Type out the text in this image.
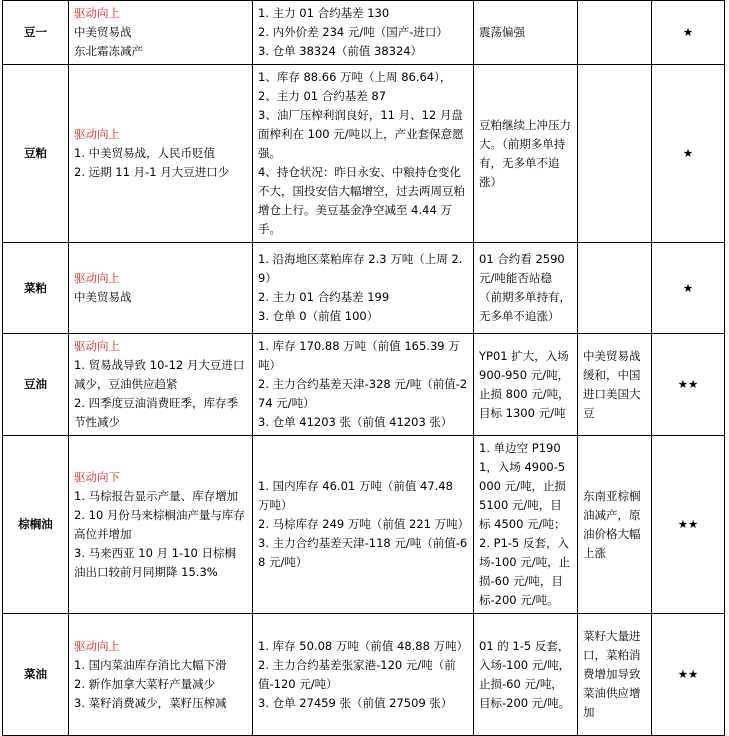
豆一	驱动向上
中美贸易战
东北霜冻减产	1. 主力 01 合约基差 130
2. 内外价差 234 元/吨（国产-进口）
3. 仓单 38324（前值 38324）	震荡偏强		★
豆粕	驱动向上
1. 中美贸易战，人民币贬值
2. 远期 11 月-1 月大豆进口少	1、库存 88.66 万吨（上周 86.64），
2、主力 01 合约基差 87
3、油厂压榨利润良好，11 月、12 月盘面榨利在 100 元/吨以上，产业套保意愿强。
4、持仓状况：昨日永安、中粮持仓变化不大，国投安信大幅增空，过去两周豆粕增仓上行。美豆基金净空减至 4.44 万手。	豆粕继续上冲压力大。（前期多单持有，无多单不追涨）		★
菜粕	驱动向上
中美贸易战	1. 沿海地区菜粕库存 2.3 万吨（上周 2.9）
2. 主力 01 合约基差 199
3. 仓单 0（前值 100）	01 合约看 2590 元/吨能否站稳（前期多单持有，无多单不追涨）		★
豆油	驱动向上
1. 贸易战导致 10-12 月大豆进口减少，豆油供应趋紧
2. 四季度豆油消费旺季，库存季节性减少	1. 库存 170.88 万吨（前值 165.39 万吨）
2. 主力合约基差天津-328 元/吨（前值-274 元/吨）
3. 仓单 41203 张（前值 41203 张）	YP01 扩大，入场 900-950 元/吨，止损 800 元/吨，目标 1300 元/吨	中美贸易战缓和，中国进口美国大豆	★★
棕榈油	驱动向下
1. 马棕报告显示产量、库存增加
2. 10 月份马来棕榈油产量与库存高位并增加
3. 马来西亚 10 月 1-10 日棕榈油出口较前月同期降 15.3%	1. 国内库存 46.01 万吨（前值 47.48 万吨）
2. 马棕库存 249 万吨（前值 221 万吨）
3. 主力合约基差天津-118 元/吨（前值-68 元/吨）	1. 单边空 P1901，入场 4900-5000 元/吨，止损 5100 元/吨，目标 4500 元/吨；
2. P1-5 反套，入场-100 元/吨，止损-60 元/吨，目标-200 元/吨。	东南亚棕榈油减产，原油价格大幅上涨	★★
菜油	驱动向上
1. 国内菜油库存消比大幅下滑
2. 新作加拿大菜籽产量减少
3. 菜籽消费减少，菜籽压榨减	1. 库存 50.08 万吨（前值 48.88 万吨）
2. 主力合约基差张家港-120 元/吨（前值-120 元/吨）
3. 仓单 27459 张（前值 27509 张）	01 的 1-5 反套，入场-100 元/吨，止损-60 元/吨，目标-200 元/吨。	菜籽大量进口，菜粕消费增加导致菜油供应增加	★★
